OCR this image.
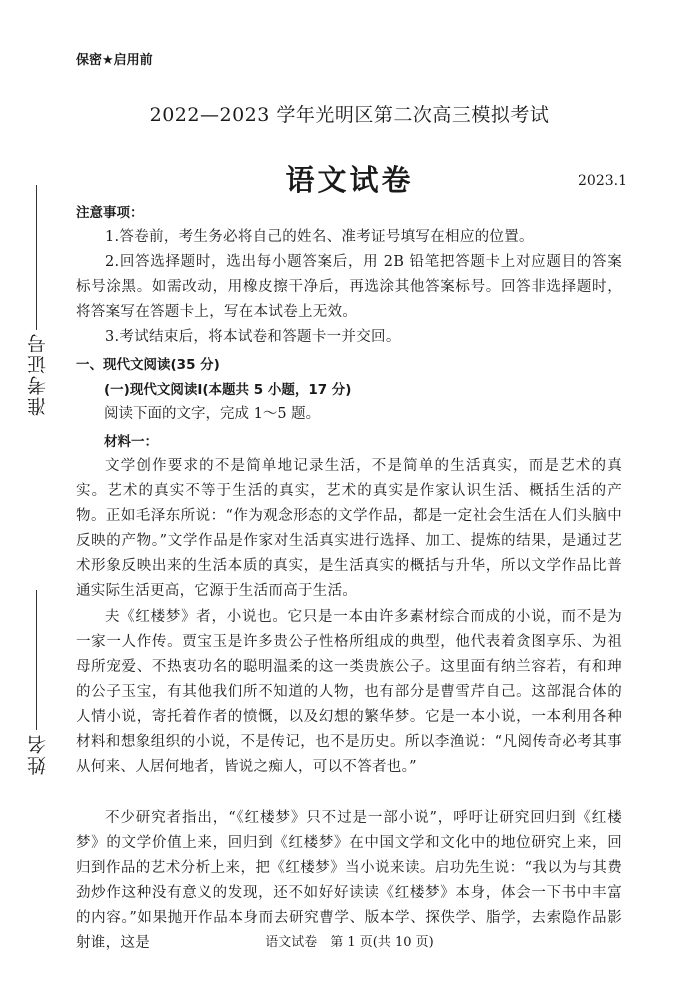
保密★启用前
2022—2023 学年光明区第二次高三模拟考试
语文试卷	2023.1
准考证号
姓名
注意事项：
1.答卷前，考生务必将自己的姓名、准考证号填写在相应的位置。
2.回答选择题时，选出每小题答案后，用 2B 铅笔把答题卡上对应题目的答案标号涂黑。如需改动，用橡皮擦干净后，再选涂其他答案标号。回答非选择题时，将答案写在答题卡上，写在本试卷上无效。
3.考试结束后，将本试卷和答题卡一并交回。
一、现代文阅读(35 分)
(一)现代文阅读Ⅰ(本题共 5 小题，17 分)
阅读下面的文字，完成 1～5 题。
材料一：
文学创作要求的不是简单地记录生活，不是简单的生活真实，而是艺术的真实。艺术的真实不等于生活的真实，艺术的真实是作家认识生活、概括生活的产物。正如毛泽东所说：“作为观念形态的文学作品，都是一定社会生活在人们头脑中反映的产物。”文学作品是作家对生活真实进行选择、加工、提炼的结果，是通过艺术形象反映出来的生活本质的真实，是生活真实的概括与升华，所以文学作品比普通实际生活更高，它源于生活而高于生活。
夫《红楼梦》者，小说也。它只是一本由许多素材综合而成的小说，而不是为一家一人作传。贾宝玉是许多贵公子性格所组成的典型，他代表着贪图享乐、为祖母所宠爱、不热衷功名的聪明温柔的这一类贵族公子。这里面有纳兰容若，有和珅的公子玉宝，有其他我们所不知道的人物，也有部分是曹雪芹自己。这部混合体的人情小说，寄托着作者的愤慨，以及幻想的繁华梦。它是一本小说，一本利用各种材料和想象组织的小说，不是传记，也不是历史。所以李渔说：“凡阅传奇必考其事从何来、人居何地者，皆说之痴人，可以不答者也。”
不少研究者指出，“《红楼梦》只不过是一部小说”，呼吁让研究回归到《红楼梦》的文学价值上来，回归到《红楼梦》在中国文学和文化中的地位研究上来，回归到作品的艺术分析上来，把《红楼梦》当小说来读。启功先生说：“我以为与其费劲炒作这种没有意义的发现，还不如好好读读《红楼梦》本身，体会一下书中丰富的内容。”如果抛开作品本身而去研究曹学、版本学、探佚学、脂学，去索隐作品影射谁，这是	语文试卷　第 1 页(共 10 页)
